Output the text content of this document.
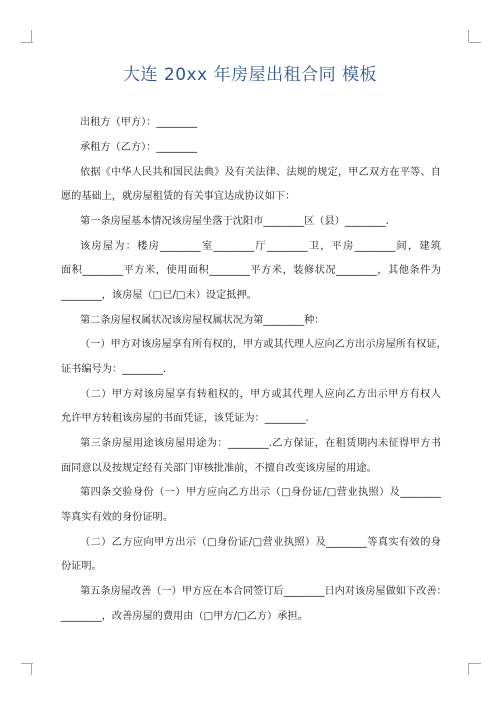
大连 20xx 年房屋出租合同 模板
出租方（甲方）：________
承租方（乙方）：________
依据《中华人民共和国民法典》及有关法律、法规的规定，甲乙双方在平等、自
愿的基础上，就房屋租赁的有关事宜达成协议如下：
第一条房屋基本情况该房屋坐落于沈阳市________区（县）________.
该房屋为：楼房________室________厅________卫，平房________间，建筑
面积________平方米，使用面积________平方米，装修状况________，其他条件为
________，该房屋（□已/□未）设定抵押。
第二条房屋权属状况该房屋权属状况为第________种：
（一）甲方对该房屋享有所有权的，甲方或其代理人应向乙方出示房屋所有权证，
证书编号为：________.
（二）甲方对该房屋享有转租权的，甲方或其代理人应向乙方出示甲方有权人
允许甲方转租该房屋的书面凭证，该凭证为：________.
第三条房屋用途该房屋用途为：________.乙方保证，在租赁期内未征得甲方书
面同意以及按规定经有关部门审核批准前，不擅自改变该房屋的用途。
第四条交验身份（一）甲方应向乙方出示（□身份证/□营业执照）及________
等真实有效的身份证明。
（二）乙方应向甲方出示（□身份证/□营业执照）及________等真实有效的身
份证明。
第五条房屋改善（一）甲方应在本合同签订后________日内对该房屋做如下改善：
________，改善房屋的费用由（□甲方/□乙方）承担。
